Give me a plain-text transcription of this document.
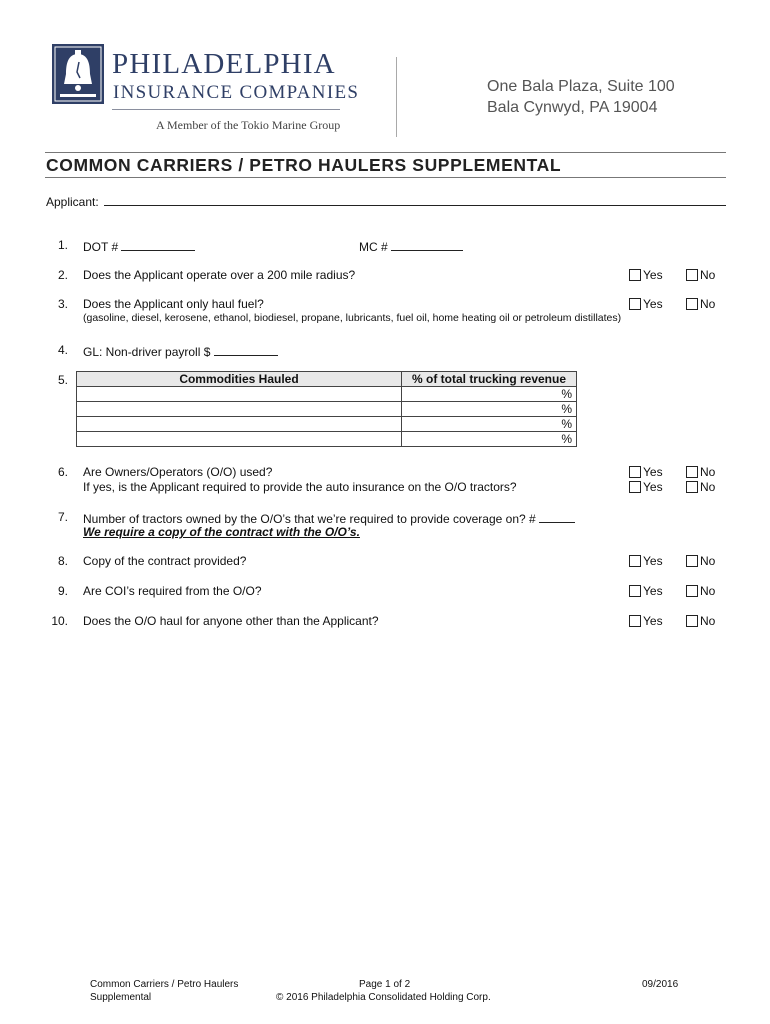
PHILADELPHIA
INSURANCE COMPANIES
A Member of the Tokio Marine Group
One Bala Plaza, Suite 100
Bala Cynwyd, PA 19004
COMMON CARRIERS / PETRO HAULERS SUPPLEMENTAL
Applicant:
1. DOT #	MC #
2. Does the Applicant operate over a 200 mile radius?	Yes	No
3. Does the Applicant only haul fuel?
(gasoline, diesel, kerosene, ethanol, biodiesel, propane, lubricants, fuel oil, home heating oil or petroleum distillates)
Yes	No
4. GL: Non-driver payroll $
5.	Commodities Hauled	% of total trucking revenue
	%
	%
	%
	%
6. Are Owners/Operators (O/O) used?
If yes, is the Applicant required to provide the auto insurance on the O/O tractors?
Yes	No
Yes	No
7. Number of tractors owned by the O/O’s that we’re required to provide coverage on? #
We require a copy of the contract with the O/O’s.
8. Copy of the contract provided?	Yes	No
9. Are COI’s required from the O/O?	Yes	No
10. Does the O/O haul for anyone other than the Applicant?	Yes	No
Common Carriers / Petro Haulers
Supplemental
Page 1 of 2
© 2016 Philadelphia Consolidated Holding Corp.
09/2016
